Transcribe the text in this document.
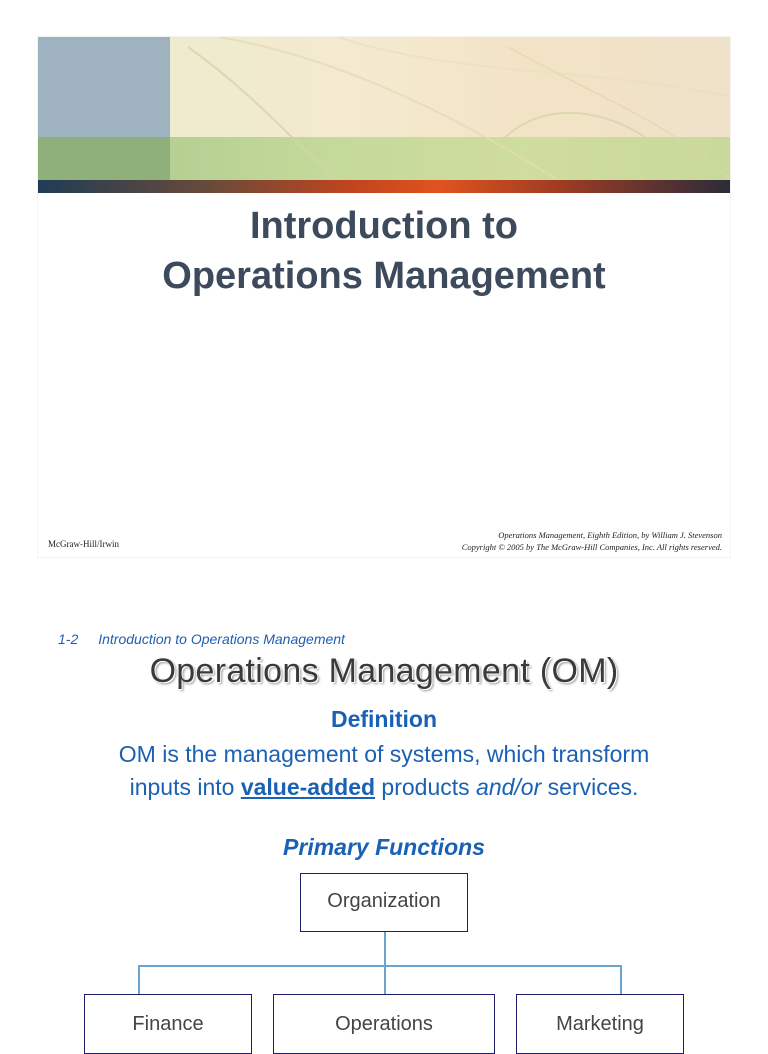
Introduction to
Operations Management
McGraw-Hill/Irwin
Operations Management, Eighth Edition, by William J. Stevenson
Copyright © 2005 by The McGraw-Hill Companies, Inc. All rights reserved.
1-2 Introduction to Operations Management
Operations Management (OM)
Definition
OM is the management of systems, which transform
inputs into value-added products and/or services.
Primary Functions
Organization
Finance	Operations	Marketing
